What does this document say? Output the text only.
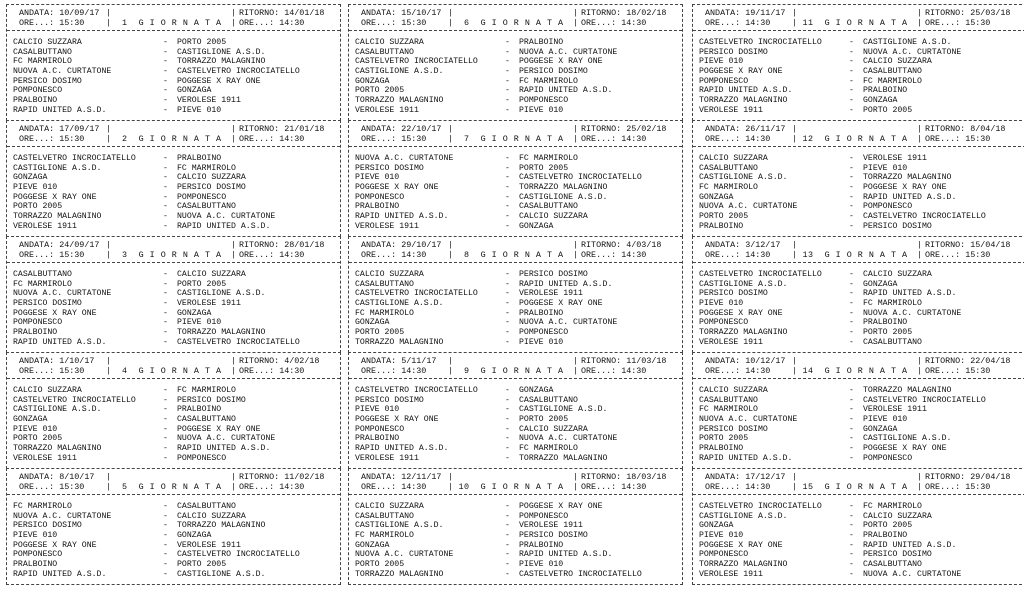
ANDATA: 10/09/17 |	| RITORNO: 14/01/18
ORE...: 15:30	| 1  G I O R N A T A | ORE...: 14:30
CALCIO SUZZARA	- PORTO 2005
CASALBUTTANO	- CASTIGLIONE A.S.D.
FC MARMIROLO	- TORRAZZO MALAGNINO
NUOVA A.C. CURTATONE	- CASTELVETRO INCROCIATELLO
PERSICO DOSIMO	- POGGESE X RAY ONE
POMPONESCO	- GONZAGA
PRALBOINO	- VEROLESE 1911
RAPID UNITED A.S.D.	- PIEVE 010
ANDATA: 17/09/17 |	| RITORNO: 21/01/18
ORE...: 15:30	| 2  G I O R N A T A | ORE...: 14:30
CASTELVETRO INCROCIATELLO	- PRALBOINO
CASTIGLIONE A.S.D.	- FC MARMIROLO
GONZAGA	- CALCIO SUZZARA
PIEVE 010	- PERSICO DOSIMO
POGGESE X RAY ONE	- POMPONESCO
PORTO 2005	- CASALBUTTANO
TORRAZZO MALAGNINO	- NUOVA A.C. CURTATONE
VEROLESE 1911	- RAPID UNITED A.S.D.
ANDATA: 24/09/17 |	| RITORNO: 28/01/18
ORE...: 15:30	| 3  G I O R N A T A | ORE...: 14:30
CASALBUTTANO	- CALCIO SUZZARA
FC MARMIROLO	- PORTO 2005
NUOVA A.C. CURTATONE	- CASTIGLIONE A.S.D.
PERSICO DOSIMO	- VEROLESE 1911
POGGESE X RAY ONE	- GONZAGA
POMPONESCO	- PIEVE 010
PRALBOINO	- TORRAZZO MALAGNINO
RAPID UNITED A.S.D.	- CASTELVETRO INCROCIATELLO
ANDATA: 1/10/17 |	| RITORNO: 4/02/18
ORE...: 15:30	| 4  G I O R N A T A | ORE...: 14:30
CALCIO SUZZARA	- FC MARMIROLO
CASTELVETRO INCROCIATELLO	- PERSICO DOSIMO
CASTIGLIONE A.S.D.	- PRALBOINO
GONZAGA	- CASALBUTTANO
PIEVE 010	- POGGESE X RAY ONE
PORTO 2005	- NUOVA A.C. CURTATONE
TORRAZZO MALAGNINO	- RAPID UNITED A.S.D.
VEROLESE 1911	- POMPONESCO
ANDATA: 8/10/17 |	| RITORNO: 11/02/18
ORE...: 15:30	| 5  G I O R N A T A | ORE...: 14:30
FC MARMIROLO	- CASALBUTTANO
NUOVA A.C. CURTATONE	- CALCIO SUZZARA
PERSICO DOSIMO	- TORRAZZO MALAGNINO
PIEVE 010	- GONZAGA
POGGESE X RAY ONE	- VEROLESE 1911
POMPONESCO	- CASTELVETRO INCROCIATELLO
PRALBOINO	- PORTO 2005
RAPID UNITED A.S.D.	- CASTIGLIONE A.S.D.
ANDATA: 15/10/17 |	| RITORNO: 18/02/18
ORE...: 15:30	| 6  G I O R N A T A | ORE...: 14:30
CALCIO SUZZARA	- PRALBOINO
CASALBUTTANO	- NUOVA A.C. CURTATONE
CASTELVETRO INCROCIATELLO	- POGGESE X RAY ONE
CASTIGLIONE A.S.D.	- PERSICO DOSIMO
GONZAGA	- FC MARMIROLO
PORTO 2005	- RAPID UNITED A.S.D.
TORRAZZO MALAGNINO	- POMPONESCO
VEROLESE 1911	- PIEVE 010
ANDATA: 22/10/17 |	| RITORNO: 25/02/18
ORE...: 15:30	| 7  G I O R N A T A | ORE...: 14:30
NUOVA A.C. CURTATONE	- FC MARMIROLO
PERSICO DOSIMO	- PORTO 2005
PIEVE 010	- CASTELVETRO INCROCIATELLO
POGGESE X RAY ONE	- TORRAZZO MALAGNINO
POMPONESCO	- CASTIGLIONE A.S.D.
PRALBOINO	- CASALBUTTANO
RAPID UNITED A.S.D.	- CALCIO SUZZARA
VEROLESE 1911	- GONZAGA
ANDATA: 29/10/17 |	| RITORNO: 4/03/18
ORE...: 14:30	| 8  G I O R N A T A | ORE...: 14:30
CALCIO SUZZARA	- PERSICO DOSIMO
CASALBUTTANO	- RAPID UNITED A.S.D.
CASTELVETRO INCROCIATELLO	- VEROLESE 1911
CASTIGLIONE A.S.D.	- POGGESE X RAY ONE
FC MARMIROLO	- PRALBOINO
GONZAGA	- NUOVA A.C. CURTATONE
PORTO 2005	- POMPONESCO
TORRAZZO MALAGNINO	- PIEVE 010
ANDATA: 5/11/17 |	| RITORNO: 11/03/18
ORE...: 14:30	| 9  G I O R N A T A | ORE...: 14:30
CASTELVETRO INCROCIATELLO	- GONZAGA
PERSICO DOSIMO	- CASALBUTTANO
PIEVE 010	- CASTIGLIONE A.S.D.
POGGESE X RAY ONE	- PORTO 2005
POMPONESCO	- CALCIO SUZZARA
PRALBOINO	- NUOVA A.C. CURTATONE
RAPID UNITED A.S.D.	- FC MARMIROLO
VEROLESE 1911	- TORRAZZO MALAGNINO
ANDATA: 12/11/17 |	| RITORNO: 18/03/18
ORE...: 14:30	| 10  G I O R N A T A | ORE...: 14:30
CALCIO SUZZARA	- POGGESE X RAY ONE
CASALBUTTANO	- POMPONESCO
CASTIGLIONE A.S.D.	- VEROLESE 1911
FC MARMIROLO	- PERSICO DOSIMO
GONZAGA	- PRALBOINO
NUOVA A.C. CURTATONE	- RAPID UNITED A.S.D.
PORTO 2005	- PIEVE 010
TORRAZZO MALAGNINO	- CASTELVETRO INCROCIATELLO
ANDATA: 19/11/17 |	| RITORNO: 25/03/18
ORE...: 14:30	| 11  G I O R N A T A | ORE...: 15:30
CASTELVETRO INCROCIATELLO	- CASTIGLIONE A.S.D.
PERSICO DOSIMO	- NUOVA A.C. CURTATONE
PIEVE 010	- CALCIO SUZZARA
POGGESE X RAY ONE	- CASALBUTTANO
POMPONESCO	- FC MARMIROLO
RAPID UNITED A.S.D.	- PRALBOINO
TORRAZZO MALAGNINO	- GONZAGA
VEROLESE 1911	- PORTO 2005
ANDATA: 26/11/17 |	| RITORNO: 8/04/18
ORE...: 14:30	| 12  G I O R N A T A | ORE...: 15:30
CALCIO SUZZARA	- VEROLESE 1911
CASALBUTTANO	- PIEVE 010
CASTIGLIONE A.S.D.	- TORRAZZO MALAGNINO
FC MARMIROLO	- POGGESE X RAY ONE
GONZAGA	- RAPID UNITED A.S.D.
NUOVA A.C. CURTATONE	- POMPONESCO
PORTO 2005	- CASTELVETRO INCROCIATELLO
PRALBOINO	- PERSICO DOSIMO
ANDATA: 3/12/17 |	| RITORNO: 15/04/18
ORE...: 14:30	| 13  G I O R N A T A | ORE...: 15:30
CASTELVETRO INCROCIATELLO	- CALCIO SUZZARA
CASTIGLIONE A.S.D.	- GONZAGA
PERSICO DOSIMO	- RAPID UNITED A.S.D.
PIEVE 010	- FC MARMIROLO
POGGESE X RAY ONE	- NUOVA A.C. CURTATONE
POMPONESCO	- PRALBOINO
TORRAZZO MALAGNINO	- PORTO 2005
VEROLESE 1911	- CASALBUTTANO
ANDATA: 10/12/17 |	| RITORNO: 22/04/18
ORE...: 14:30	| 14  G I O R N A T A | ORE...: 15:30
CALCIO SUZZARA	- TORRAZZO MALAGNINO
CASALBUTTANO	- CASTELVETRO INCROCIATELLO
FC MARMIROLO	- VEROLESE 1911
NUOVA A.C. CURTATONE	- PIEVE 010
PERSICO DOSIMO	- GONZAGA
PORTO 2005	- CASTIGLIONE A.S.D.
PRALBOINO	- POGGESE X RAY ONE
RAPID UNITED A.S.D.	- POMPONESCO
ANDATA: 17/12/17 |	| RITORNO: 29/04/18
ORE...: 14:30	| 15  G I O R N A T A | ORE...: 15:30
CASTELVETRO INCROCIATELLO	- FC MARMIROLO
CASTIGLIONE A.S.D.	- CALCIO SUZZARA
GONZAGA	- PORTO 2005
PIEVE 010	- PRALBOINO
POGGESE X RAY ONE	- RAPID UNITED A.S.D.
POMPONESCO	- PERSICO DOSIMO
TORRAZZO MALAGNINO	- CASALBUTTANO
VEROLESE 1911	- NUOVA A.C. CURTATONE
